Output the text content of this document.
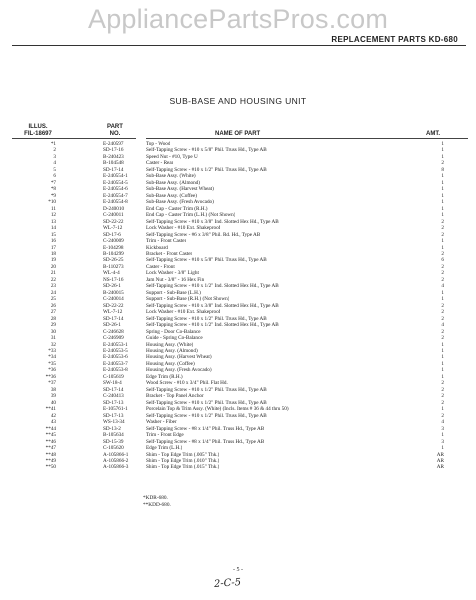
AppliancePartsPros.com
REPLACEMENT PARTS KD-680
SUB-BASE AND HOUSING UNIT
ILLUS.
FIL-18697
PART
NO.	NAME OF PART	AMT.
*1	E-240597	Top - Wood	1
2	SD-17-16	Self-Tapping Screw - #10 x 5/8" Phil. Truss Hd., Type AB	1
3	B-240423	Speed Nut - #10, Type U	1
4	B-104548	Caster - Rear	2
5	SD-17-14	Self-Tapping Screw - #10 x 1/2" Phil. Truss Hd., Type AB	8
6	E-240554-1	Sub-Base Assy. (White)	1
*7	E-240554-5	Sub-Base Assy. (Almond)	1
*8	E-240554-6	Sub-Base Assy. (Harvest Wheat)	1
*9	E-240554-7	Sub-Base Assy. (Coffee)	1
*10	E-240554-8	Sub-Base Assy. (Fresh Avocado)	1
11	D-240010	End Cap - Caster Trim (R.H.)	1
12	C-240011	End Cap - Caster Trim (L.H.) (Not Shown)	1
13	SD-22-22	Self-Tapping Screw - #10 x 3/8" Ind. Slotted Hex Hd., Type AB	2
14	WL-7-12	Lock Washer - #10 Ext. Shakeproof	2
15	SD-17-6	Self-Tapping Screw - #6 x 3/8" Phil. Rd. Hd., Type AB	2
16	C-240009	Trim - Front Caster	1
17	E-104298	Kickboard	1
18	B-104299	Bracket - Front Caster	2
19	SD-26-25	Self-Tapping Screw - #10 x 5/8" Phil. Truss Hd., Type AB	6
20	B-110273	Caster - Front	2
21	WL-4-4	Lock Washer - 3/8" Light	2
22	NS-17-16	Jam Nut - 3/8" - 16 Hex Fin	2
23	SD-26-1	Self-Tapping Screw - #10 x 1/2" Ind. Slotted Hex Hd., Type AB	4
24	B-240015	Support - Sub-Base (L.H.)	1
25	C-240014	Support - Sub-Base (R.H.) (Not Shown)	1
26	SD-22-22	Self-Tapping Screw - #10 x 3/8" Ind. Slotted Hex Hd., Type AB	2
27	WL-7-12	Lock Washer - #10 Ext. Shakeproof	2
28	SD-17-14	Self-Tapping Screw - #10 x 1/2" Phil. Truss Hd., Type AB	2
29	SD-26-1	Self-Tapping Screw - #10 x 1/2" Ind. Slotted Hex Hd., Type AB	4
30	C-246628	Spring - Door Co-Balance	2
31	C-246909	Guide - Spring Co-Balance	2
32	E-240553-1	Housing Assy. (White)	1
*33	E-240553-5	Housing Assy. (Almond)	1
*34	E-240553-6	Housing Assy. (Harvest Wheat)	1
*35	E-240553-7	Housing Assy. (Coffee)	1
*36	E-240553-8	Housing Assy. (Fresh Avocado)	1
**36	C-105619	Edge Trim (R.H.)	1
*37	SW-18-4	Wood Screw - #10 x 3/4" Phil. Flat Hd.	2
38	SD-17-14	Self-Tapping Screw - #10 x 1/2" Phil. Truss Hd., Type AB	2
39	C-240413	Bracket - Top Panel Anchor	2
40	SD-17-13	Self-Tapping Screw - #10 x 1/2" Phil. Truss Hd., Type AB	2
**41	E-105761-1	Porcelain Top & Trim Assy. (White) (Incls. Items # 36 & 44 thru 50)	1
42	SD-17-13	Self-Tapping Screw - #10 x 1/2" Phil. Truss Hd., Type AB	2
43	WS-13-34	Washer - Fiber	4
**44	SD-13-2	Self-Tapping Screw - #8 x 1/4" Phil. Truss Hd., Type AB	3
**45	B-105634	Trim - Front Edge	1
**46	SD-15-39	Self-Tapping Screw - #8 x 1/4" Phil. Truss Hd., Type AB	3
**47	C-105620	Edge Trim (L.H.)	1
**48	A-105866-1	Shim - Top Edge Trim (.005" Thk.)	AR
**49	A-105866-2	Shim - Top Edge Trim (.010" Thk.)	AR
**50	A-105866-3	Shim - Top Edge Trim (.015" Thk.)	AR
*KDR-680.
**KDD-680.
- 5 -
2-C-5
